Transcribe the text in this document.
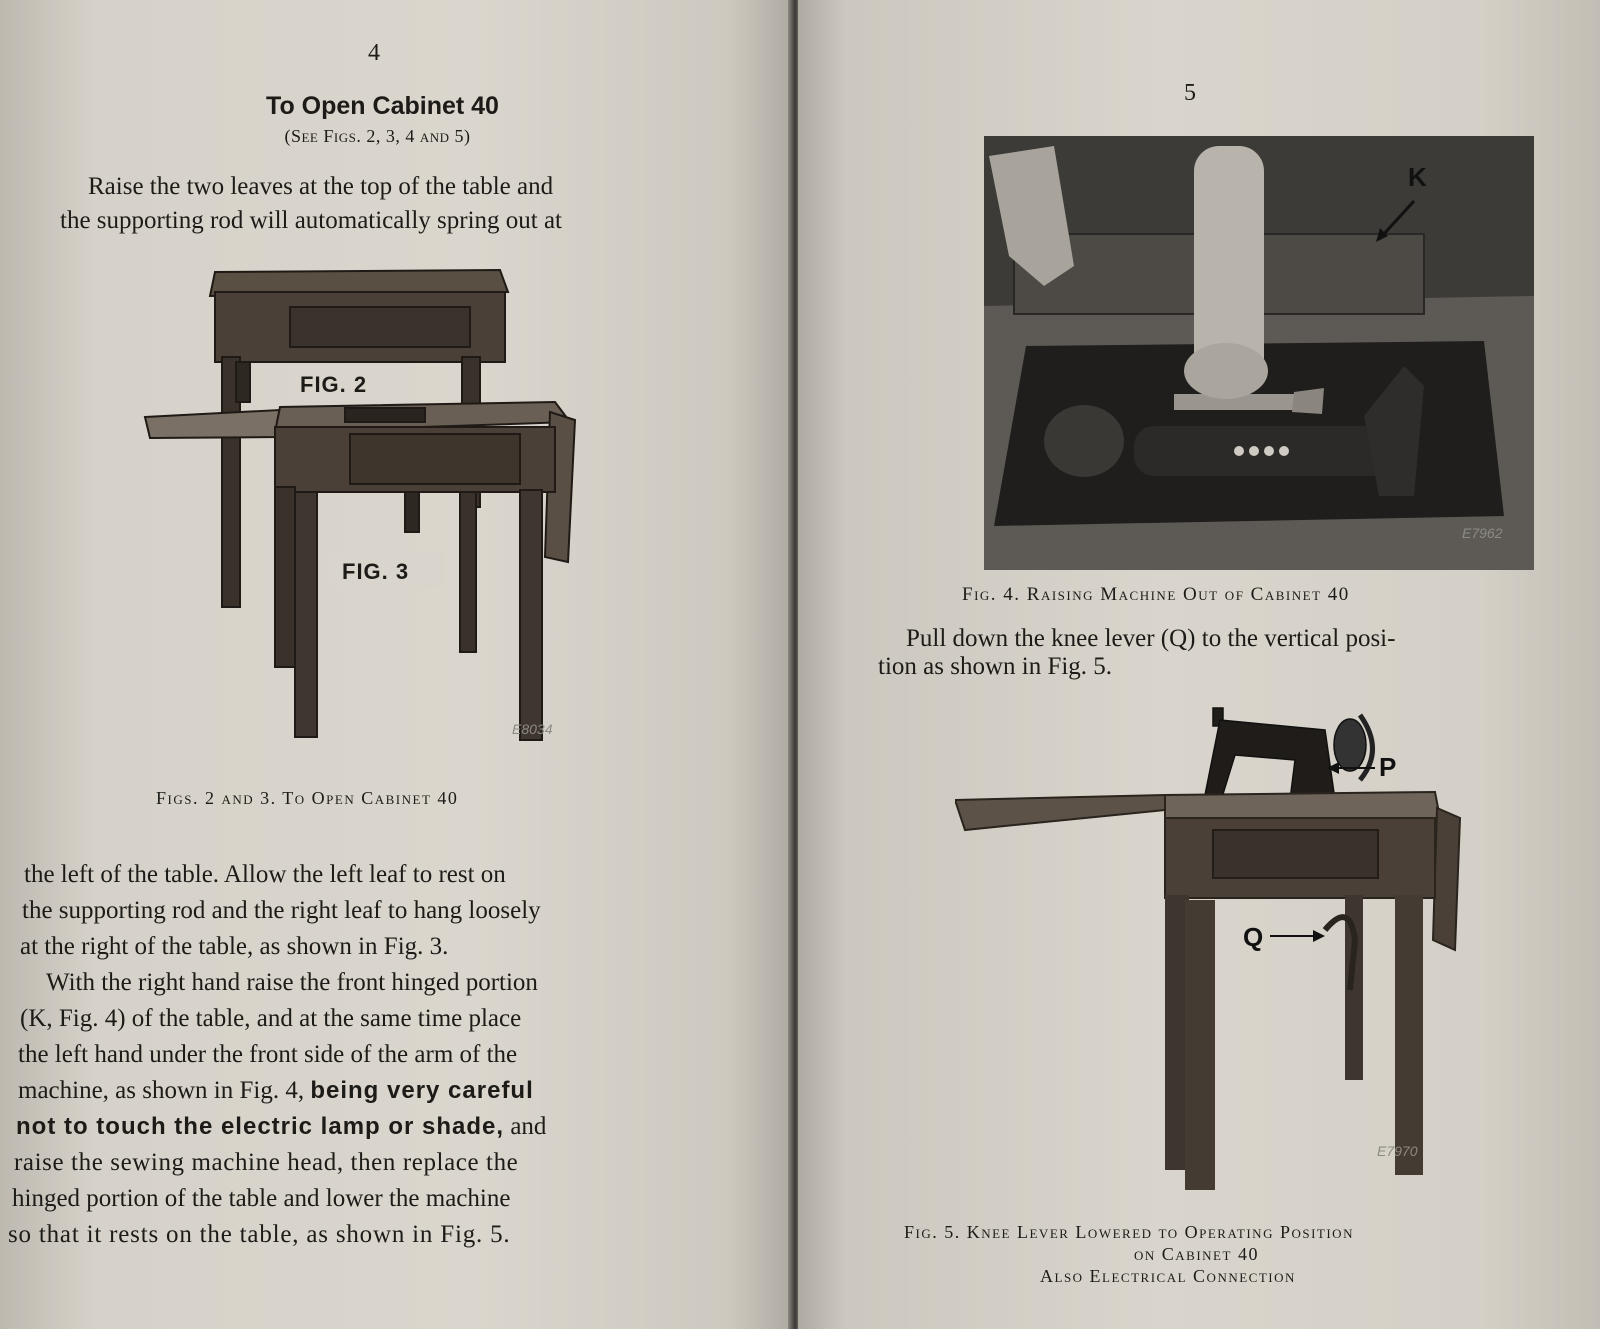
4
To Open Cabinet 40
(See Figs. 2, 3, 4 and 5)
Raise the two leaves at the top of the table and
the supporting rod will automatically spring out at
FIG. 2
FIG. 3
E8034
Figs. 2 and 3. To Open Cabinet 40
the left of the table. Allow the left leaf to rest on
the supporting rod and the right leaf to hang loosely
at the right of the table, as shown in Fig. 3.
With the right hand raise the front hinged portion
(K, Fig. 4) of the table, and at the same time place
the left hand under the front side of the arm of the
machine, as shown in Fig. 4, being very careful
not to touch the electric lamp or shade, and
raise the sewing machine head, then replace the
hinged portion of the table and lower the machine
so that it rests on the table, as shown in Fig. 5.
5
K
E7962
Fig. 4. Raising Machine Out of Cabinet 40
Pull down the knee lever (Q) to the vertical posi-
tion as shown in Fig. 5.
P
Q
E7970
Fig. 5. Knee Lever Lowered to Operating Position
on Cabinet 40
Also Electrical Connection
